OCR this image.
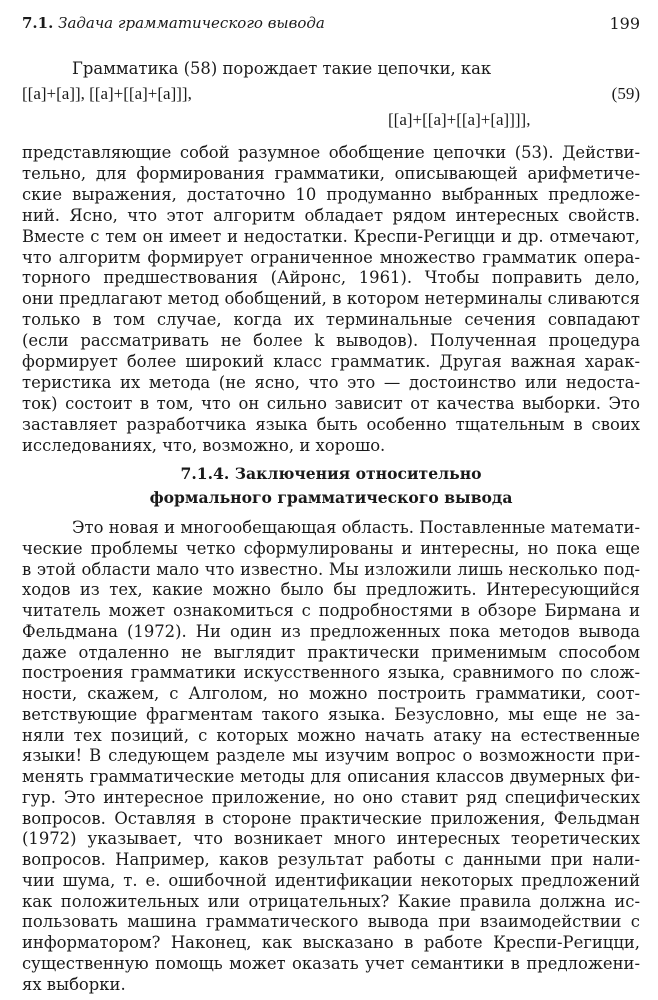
7.1. Задача грамматического вывода	199
Грамматика (58) порождает такие цепочки, как
[[a]+[a]], [[a]+[[a]+[a]]],	(59)
[[a]+[[a]+[[a]+[a]]]],
представляющие собой разумное обобщение цепочки (53). Действи-
тельно, для формирования грамматики, описывающей арифметиче-
ские выражения, достаточно 10 продуманно выбранных предложе-
ний. Ясно, что этот алгоритм обладает рядом интересных свойств.
Вместе с тем он имеет и недостатки. Креспи-Регицци и др. отмечают,
что алгоритм формирует ограниченное множество грамматик опера-
торного предшествования (Айронс, 1961). Чтобы поправить дело,
они предлагают метод обобщений, в котором нетерминалы сливаются
только в том случае, когда их терминальные сечения совпадают
(если рассматривать не более k выводов). Полученная процедура
формирует более широкий класс грамматик. Другая важная харак-
теристика их метода (не ясно, что это — достоинство или недоста-
ток) состоит в том, что он сильно зависит от качества выборки. Это
заставляет разработчика языка быть особенно тщательным в своих
исследованиях, что, возможно, и хорошо.
7.1.4. Заключения относительно
формального грамматического вывода
Это новая и многообещающая область. Поставленные математи-
ческие проблемы четко сформулированы и интересны, но пока еще
в этой области мало что известно. Мы изложили лишь несколько под-
ходов из тех, какие можно было бы предложить. Интересующийся
читатель может ознакомиться с подробностями в обзоре Бирмана и
Фельдмана (1972). Ни один из предложенных пока методов вывода
даже отдаленно не выглядит практически применимым способом
построения грамматики искусственного языка, сравнимого по слож-
ности, скажем, с Алголом, но можно построить грамматики, соот-
ветствующие фрагментам такого языка. Безусловно, мы еще не за-
няли тех позиций, с которых можно начать атаку на естественные
языки! В следующем разделе мы изучим вопрос о возможности при-
менять грамматические методы для описания классов двумерных фи-
гур. Это интересное приложение, но оно ставит ряд специфических
вопросов. Оставляя в стороне практические приложения, Фельдман
(1972) указывает, что возникает много интересных теоретических
вопросов. Например, каков результат работы с данными при нали-
чии шума, т. е. ошибочной идентификации некоторых предложений
как положительных или отрицательных? Какие правила должна ис-
пользовать машина грамматического вывода при взаимодействии с
информатором? Наконец, как высказано в работе Креспи-Регицци,
существенную помощь может оказать учет семантики в предложени-
ях выборки.
